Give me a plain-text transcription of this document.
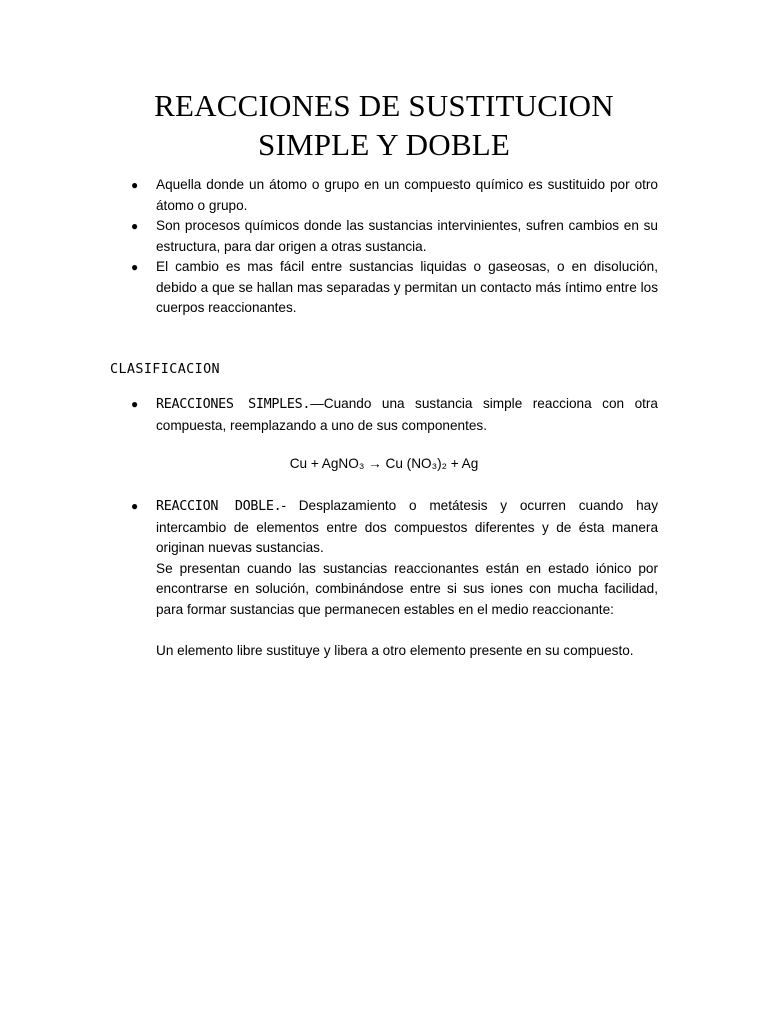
REACCIONES DE SUSTITUCION
SIMPLE Y DOBLE
● Aquella donde un átomo o grupo en un compuesto químico es sustituido por otro átomo o grupo.
● Son procesos químicos donde las sustancias intervinientes, sufren cambios en su estructura, para dar origen a otras sustancia.
● El cambio es mas fácil entre sustancias liquidas o gaseosas, o en disolución, debido a que se hallan mas separadas y permitan un contacto más íntimo entre los cuerpos reaccionantes.
CLASIFICACION
● REACCIONES SIMPLES.—Cuando una sustancia simple reacciona con otra compuesta, reemplazando a uno de sus componentes.
Cu + AgNO₃ → Cu (NO₃)₂ + Ag
● REACCION DOBLE.- Desplazamiento o metátesis y ocurren cuando hay intercambio de elementos entre dos compuestos diferentes y de ésta manera originan nuevas sustancias.

Se presentan cuando las sustancias reaccionantes están en estado iónico por encontrarse en solución, combinándose entre si sus iones con mucha facilidad, para formar sustancias que permanecen estables en el medio reaccionante:

Un elemento libre sustituye y libera a otro elemento presente en su compuesto.
